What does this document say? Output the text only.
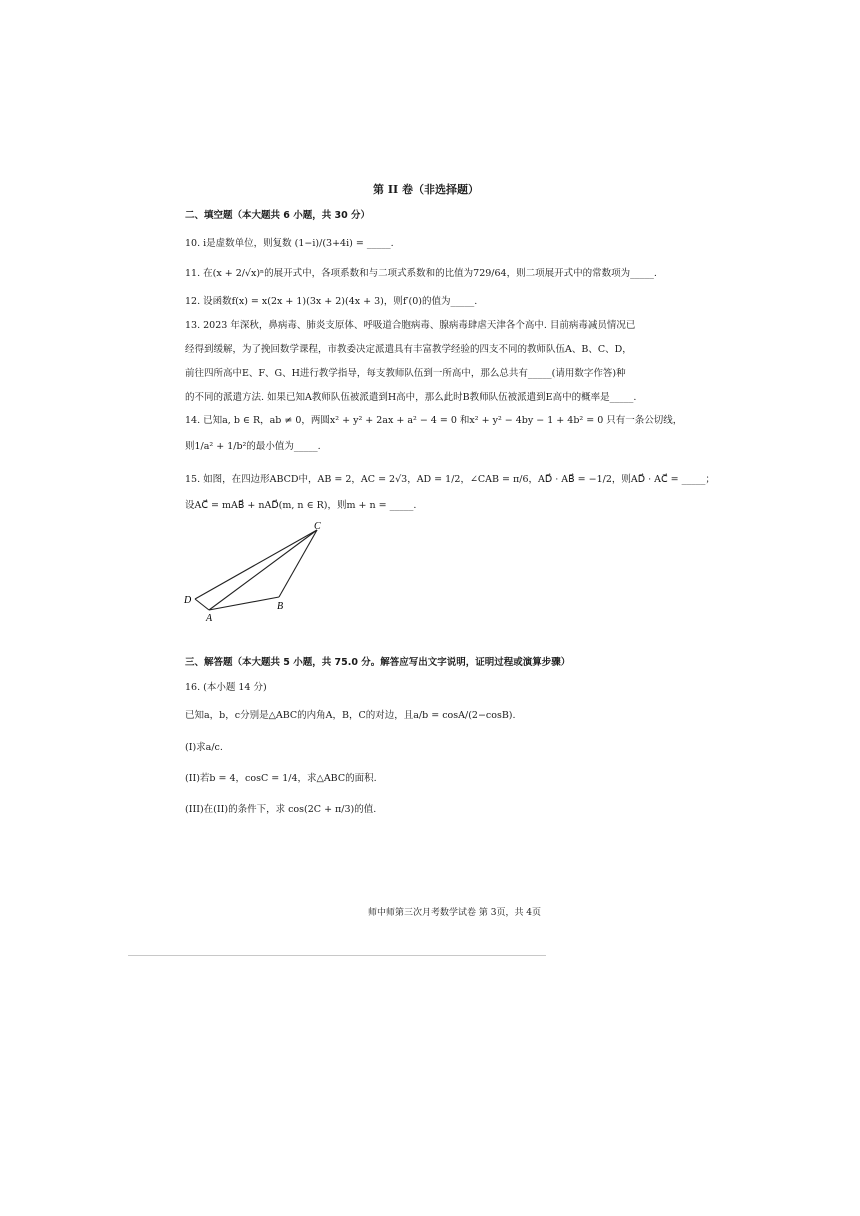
第 II 卷（非选择题）
二、填空题（本大题共 6 小题，共 30 分）
10. i是虚数单位，则复数 (1−i)/(3+4i) = _____.
11. 在(x + 2/√x)ⁿ的展开式中，各项系数和与二项式系数和的比值为729/64，则二项展开式中的常数项为_____.
12. 设函数f(x) = x(2x + 1)(3x + 2)(4x + 3)，则f′(0)的值为_____.
13. 2023 年深秋，鼻病毒、肺炎支原体、呼吸道合胞病毒、腺病毒肆虐天津各个高中. 目前病毒减员情况已
经得到缓解，为了挽回数学课程，市教委决定派遣具有丰富教学经验的四支不同的教师队伍A、B、C、D，
前往四所高中E、F、G、H进行教学指导，每支教师队伍到一所高中，那么总共有_____(请用数字作答)种
的不同的派遣方法. 如果已知A教师队伍被派遣到H高中，那么此时B教师队伍被派遣到E高中的概率是_____.
14. 已知a, b ∈ R，ab ≠ 0，两圆x² + y² + 2ax + a² − 4 = 0 和x² + y² − 4by − 1 + 4b² = 0 只有一条公切线，
则1/a² + 1/b²的最小值为_____.
15. 如图，在四边形ABCD中，AB = 2，AC = 2√3，AD = 1/2，∠CAB = π/6，AD⃗ · AB⃗ = −1/2，则AD⃗ · AC⃗ = _____；
设AC⃗ = mAB⃗ + nAD⃗(m, n ∈ R)，则m + n = _____.
C
D
A
B
三、解答题（本大题共 5 小题，共 75.0 分。解答应写出文字说明，证明过程或演算步骤）
16. (本小题 14 分)
已知a，b，c分别是△ABC的内角A，B，C的对边，且a/b = cosA/(2−cosB).
(I)求a/c.
(II)若b = 4，cosC = 1/4，求△ABC的面积.
(III)在(II)的条件下，求 cos(2C + π/3)的值.
师中师第三次月考数学试卷 第 3页，共 4页
